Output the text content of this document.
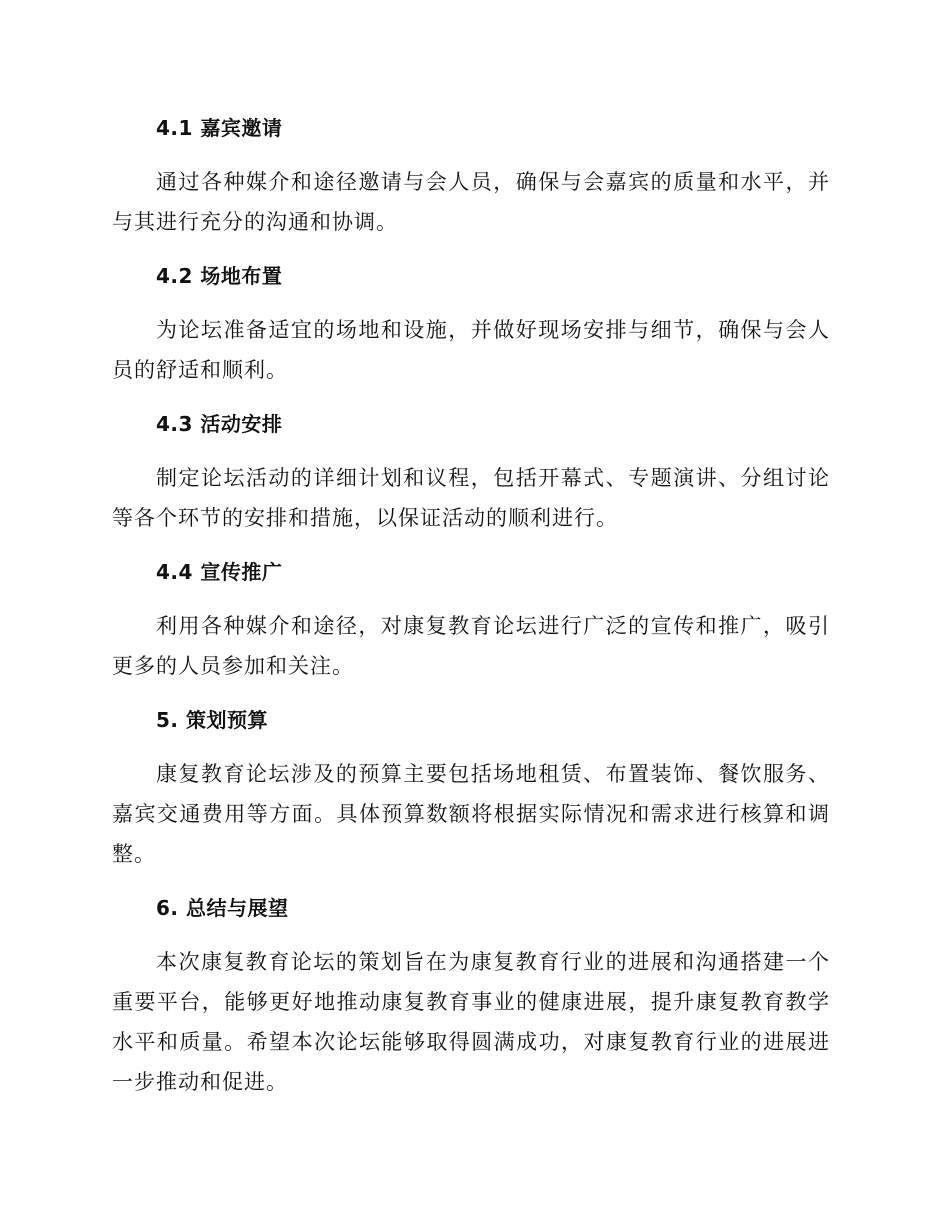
4.1 嘉宾邀请

通过各种媒介和途径邀请与会人员，确保与会嘉宾的质量和水平，并与其进行充分的沟通和协调。

4.2 场地布置

为论坛准备适宜的场地和设施，并做好现场安排与细节，确保与会人员的舒适和顺利。

4.3 活动安排

制定论坛活动的详细计划和议程，包括开幕式、专题演讲、分组讨论等各个环节的安排和措施，以保证活动的顺利进行。

4.4 宣传推广

利用各种媒介和途径，对康复教育论坛进行广泛的宣传和推广，吸引更多的人员参加和关注。

5. 策划预算

康复教育论坛涉及的预算主要包括场地租赁、布置装饰、餐饮服务、嘉宾交通费用等方面。具体预算数额将根据实际情况和需求进行核算和调整。

6. 总结与展望

本次康复教育论坛的策划旨在为康复教育行业的进展和沟通搭建一个重要平台，能够更好地推动康复教育事业的健康进展，提升康复教育教学水平和质量。希望本次论坛能够取得圆满成功，对康复教育行业的进展进一步推动和促进。
